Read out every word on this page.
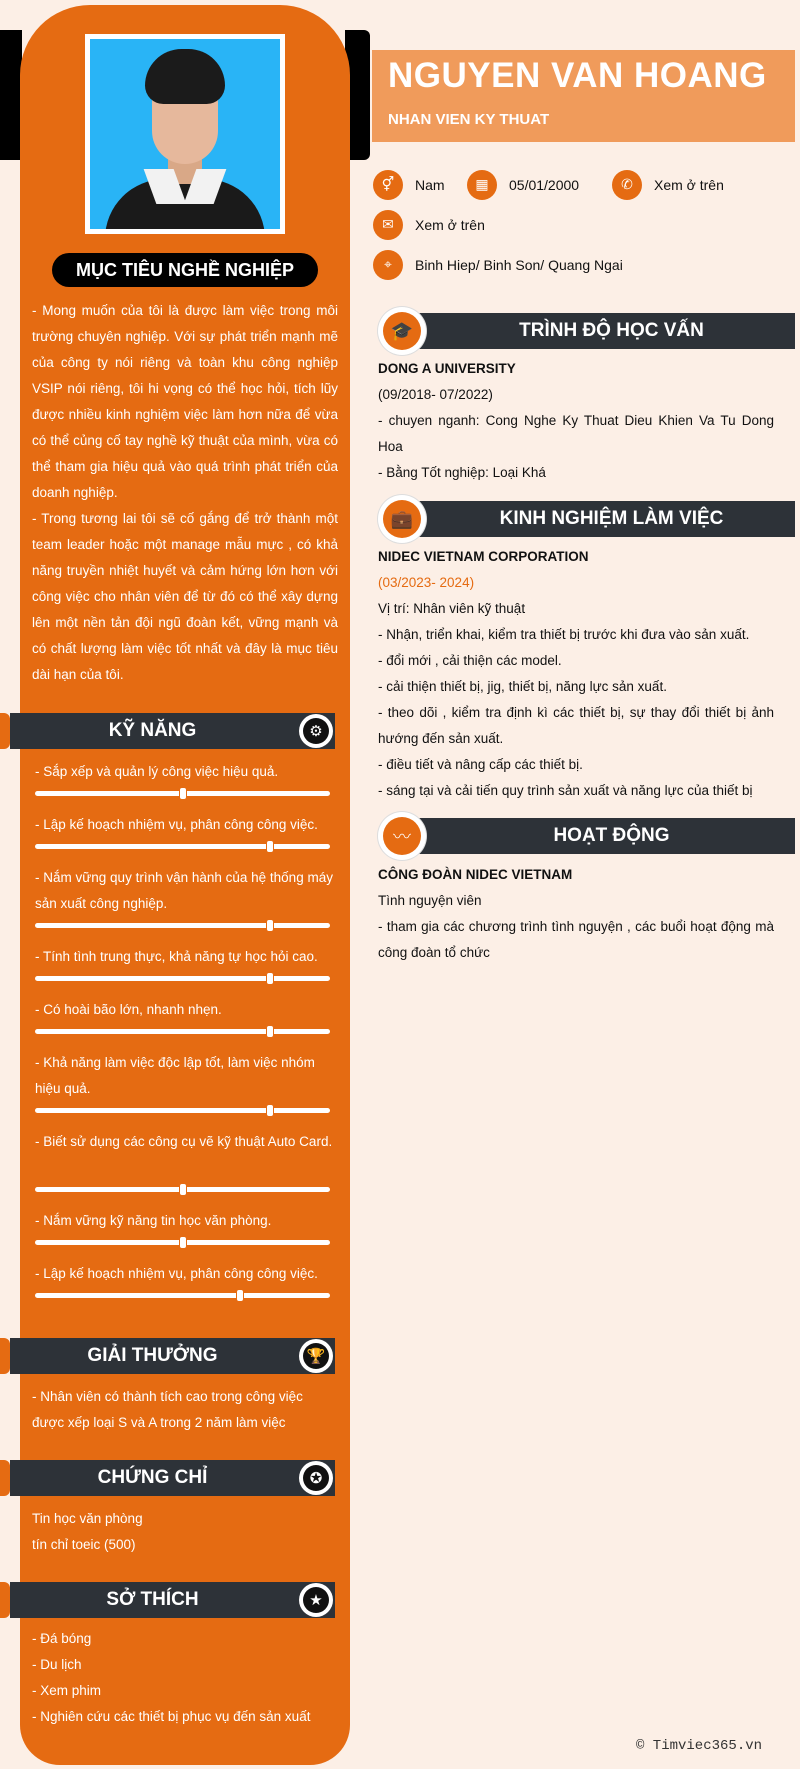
MỤC TIÊU NGHỀ NGHIỆP
- Mong muốn của tôi là được làm việc trong môi trường chuyên nghiệp. Với sự phát triển mạnh mẽ của công ty nói riêng và toàn khu công nghiệp VSIP nói riêng, tôi hi vọng có thể học hỏi, tích lũy được nhiều kinh nghiệm việc làm hơn nữa để vừa có thể củng cố tay nghề kỹ thuật của mình, vừa có thể tham gia hiệu quả vào quá trình phát triển của doanh nghiệp.
- Trong tương lai tôi sẽ cố gắng để trở thành một team leader hoặc một manage mẫu mực , có khả năng truyền nhiệt huyết và cảm hứng lớn hơn với công việc cho nhân viên để từ đó có thể xây dựng lên một nền tản đội ngũ đoàn kết, vững mạnh và có chất lượng làm việc tốt nhất và đây là mục tiêu dài hạn của tôi.
KỸ NĂNG	⚙
- Sắp xếp và quản lý công việc hiệu quả.
- Lập kế hoạch nhiệm vụ, phân công công việc.
- Nắm vững quy trình vận hành của hệ thống máy sản xuất công nghiệp.
- Tính tình trung thực, khả năng tự học hỏi cao.
- Có hoài bão lớn, nhanh nhẹn.
- Khả năng làm việc độc lập tốt, làm việc nhóm hiệu quả.
- Biết sử dụng các công cụ vẽ kỹ thuật Auto Card.
- Nắm vững kỹ năng tin học văn phòng.
- Lập kế hoạch nhiệm vụ, phân công công việc.
GIẢI THƯỞNG	🏆
- Nhân viên có thành tích cao trong công việc được xếp loại S và A trong 2 năm làm việc
CHỨNG CHỈ	✪
Tin học văn phòng
tín chỉ toeic (500)
SỞ THÍCH	★
- Đá bóng
- Du lịch
- Xem phim
- Nghiên cứu các thiết bị phục vụ đến sản xuất
NGUYEN VAN HOANG
NHAN VIEN KY THUAT
⚥	Nam	▦	05/01/2000	✆	Xem ở trên
✉	Xem ở trên
⌖	Binh Hiep/ Binh Son/ Quang Ngai
TRÌNH ĐỘ HỌC VẤN
🎓
DONG A UNIVERSITY
(09/2018- 07/2022)
- chuyen nganh: Cong Nghe Ky Thuat Dieu Khien Va Tu Dong Hoa
- Bằng Tốt nghiệp: Loại Khá
KINH NGHIỆM LÀM VIỆC
💼
NIDEC VIETNAM CORPORATION
(03/2023- 2024)
Vị trí: Nhân viên kỹ thuật
- Nhận, triển khai, kiểm tra thiết bị trước khi đưa vào sản xuất.
- đổi mới , cải thiện các model.
- cải thiện thiết bị, jig, thiết bị, năng lực sản xuất.
- theo dõi , kiểm tra định kì các thiết bị, sự thay đổi thiết bị ảnh hướng đến sản xuất.
- điều tiết và nâng cấp các thiết bị.
- sáng tại và cải tiến quy trình sản xuất và năng lực của thiết bị
HOẠT ĐỘNG
〰
CÔNG ĐOÀN NIDEC VIETNAM
Tình nguyện viên
- tham gia các chương trình tình nguyện , các buổi hoạt động mà công đoàn tổ chức
© Timviec365.vn
